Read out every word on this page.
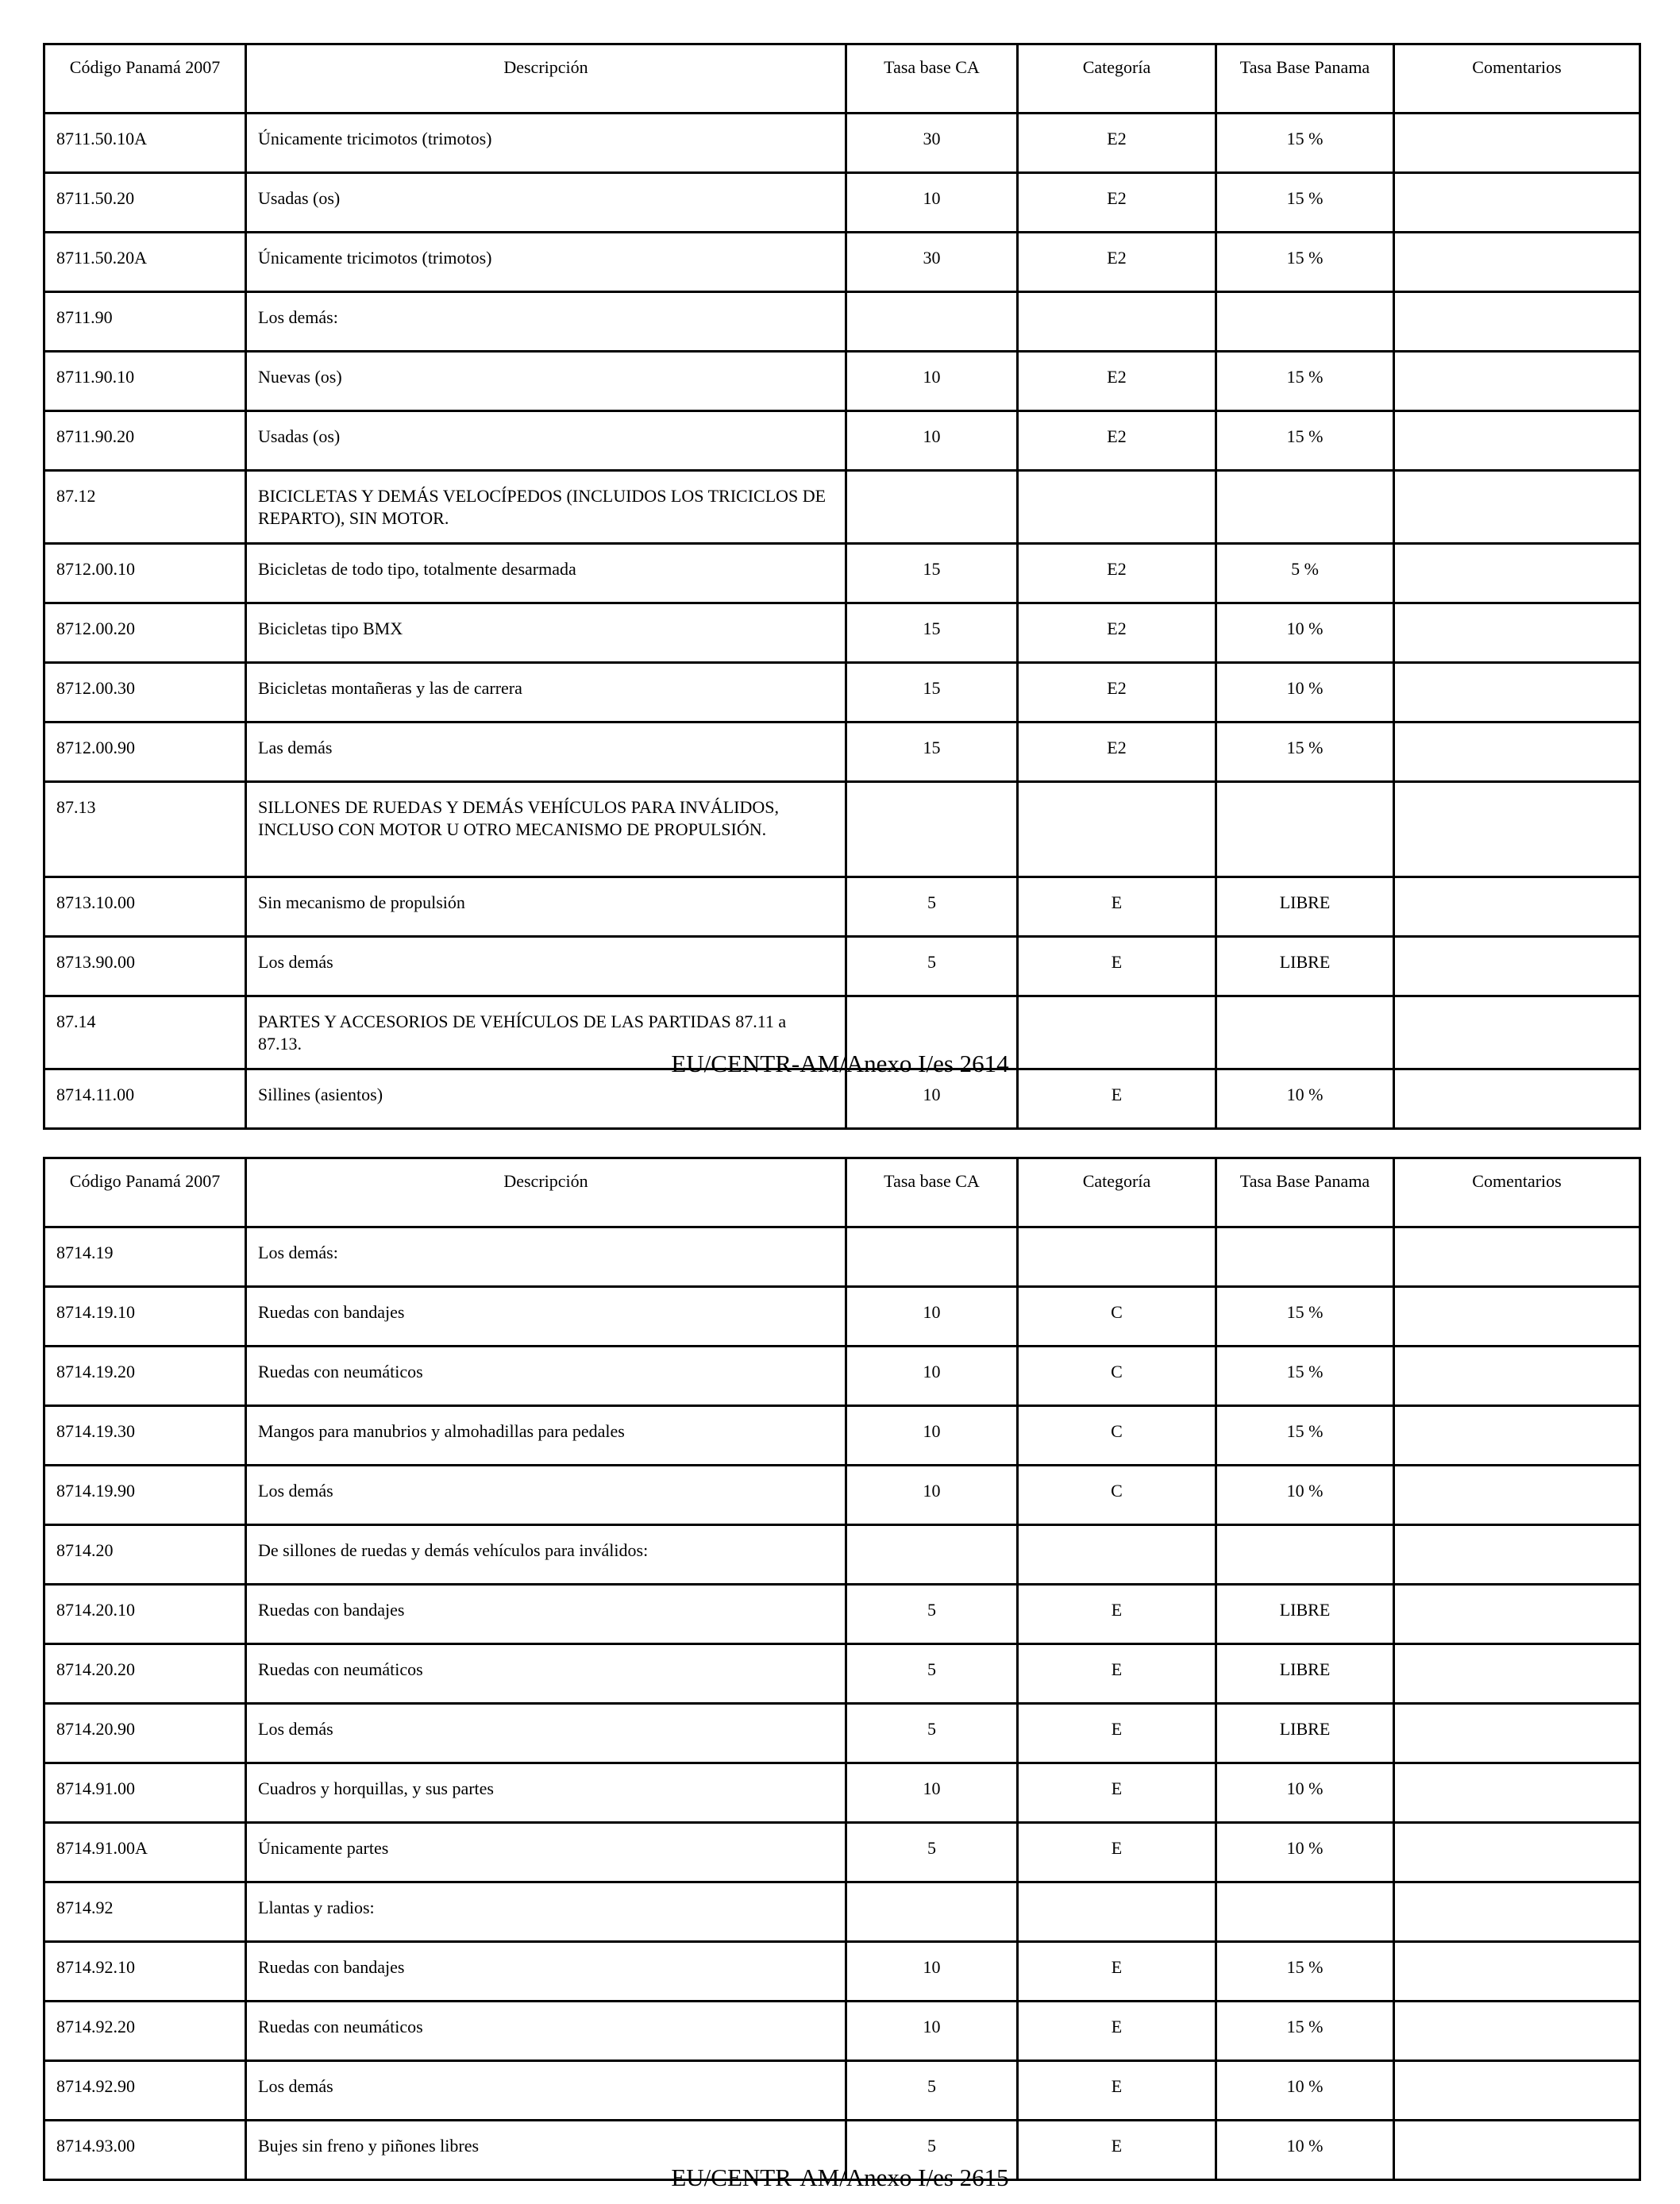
Código Panamá 2007	Descripción	Tasa base CA	Categoría	Tasa Base Panama	Comentarios
8711.50.10A	Únicamente tricimotos (trimotos)	30	E2	15 %	
8711.50.20	Usadas (os)	10	E2	15 %	
8711.50.20A	Únicamente tricimotos (trimotos)	30	E2	15 %	
8711.90	Los demás:				
8711.90.10	Nuevas (os)	10	E2	15 %	
8711.90.20	Usadas (os)	10	E2	15 %	
87.12	BICICLETAS Y DEMÁS VELOCÍPEDOS (INCLUIDOS LOS TRICICLOS DE REPARTO), SIN MOTOR.				
8712.00.10	Bicicletas de todo tipo, totalmente desarmada	15	E2	5 %	
8712.00.20	Bicicletas tipo BMX	15	E2	10 %	
8712.00.30	Bicicletas montañeras y las de carrera	15	E2	10 %	
8712.00.90	Las demás	15	E2	15 %	
87.13	SILLONES DE RUEDAS Y DEMÁS VEHÍCULOS PARA INVÁLIDOS, INCLUSO CON MOTOR U OTRO MECANISMO DE PROPULSIÓN.				
8713.10.00	Sin mecanismo de propulsión	5	E	LIBRE	
8713.90.00	Los demás	5	E	LIBRE	
87.14	PARTES Y ACCESORIOS DE VEHÍCULOS DE LAS PARTIDAS 87.11 a 87.13.				
8714.11.00	Sillines (asientos)	10	E	10 %	
EU/CENTR-AM/Anexo I/es 2614
Código Panamá 2007	Descripción	Tasa base CA	Categoría	Tasa Base Panama	Comentarios
8714.19	Los demás:				
8714.19.10	Ruedas con bandajes	10	C	15 %	
8714.19.20	Ruedas con neumáticos	10	C	15 %	
8714.19.30	Mangos para manubrios y almohadillas para pedales	10	C	15 %	
8714.19.90	Los demás	10	C	10 %	
8714.20	De sillones de ruedas y demás vehículos para inválidos:				
8714.20.10	Ruedas con bandajes	5	E	LIBRE	
8714.20.20	Ruedas con neumáticos	5	E	LIBRE	
8714.20.90	Los demás	5	E	LIBRE	
8714.91.00	Cuadros y horquillas, y sus partes	10	E	10 %	
8714.91.00A	Únicamente partes	5	E	10 %	
8714.92	Llantas y radios:				
8714.92.10	Ruedas con bandajes	10	E	15 %	
8714.92.20	Ruedas con neumáticos	10	E	15 %	
8714.92.90	Los demás	5	E	10 %	
8714.93.00	Bujes sin freno y piñones libres	5	E	10 %	
EU/CENTR-AM/Anexo I/es 2615
